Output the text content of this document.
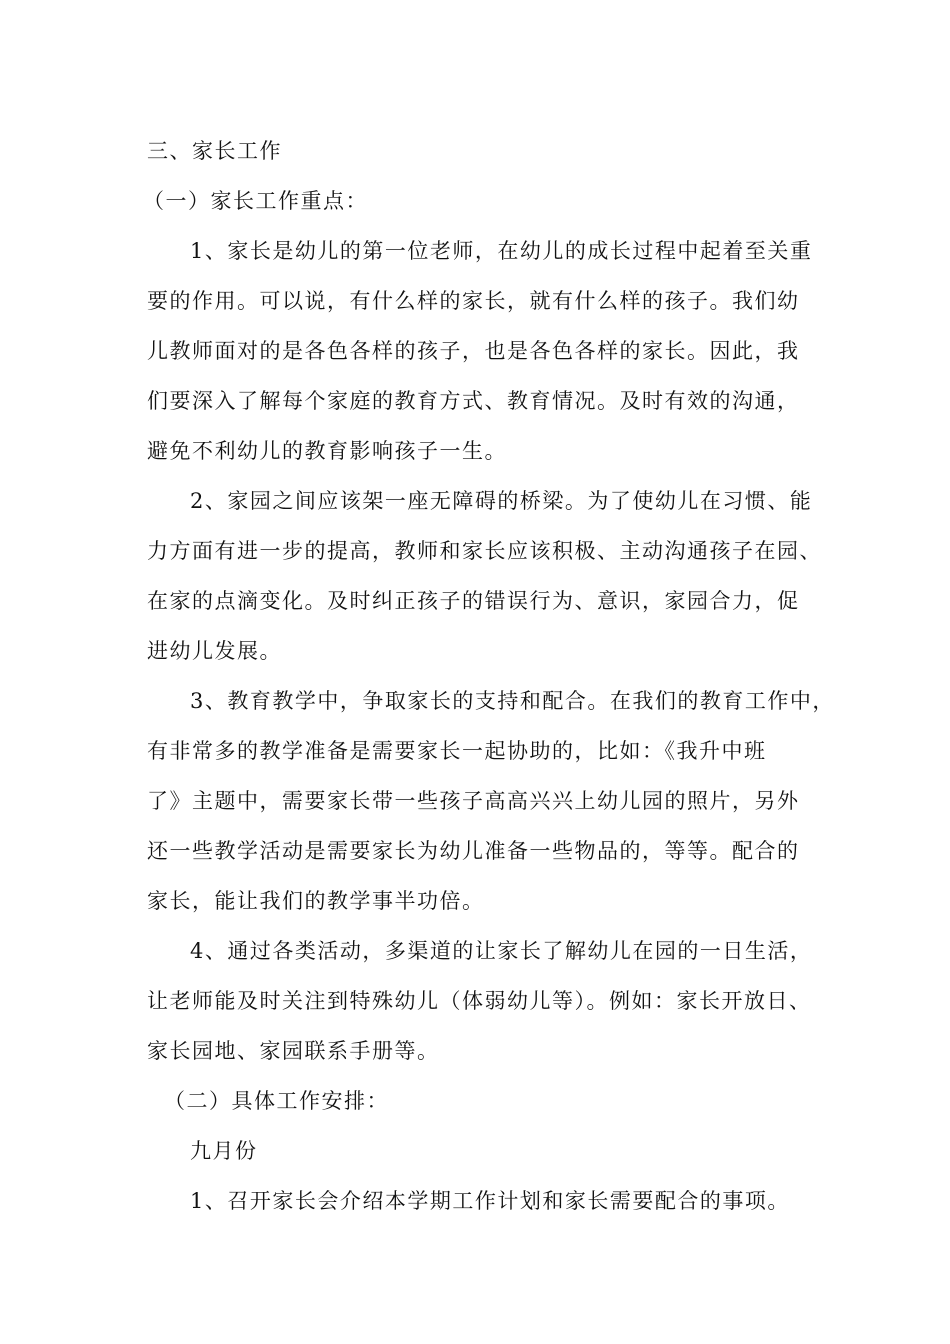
三、家长工作
（一）家长工作重点：
1、家长是幼儿的第一位老师，在幼儿的成长过程中起着至关重
要的作用。可以说，有什么样的家长，就有什么样的孩子。我们幼
儿教师面对的是各色各样的孩子，也是各色各样的家长。因此，我
们要深入了解每个家庭的教育方式、教育情况。及时有效的沟通，
避免不利幼儿的教育影响孩子一生。
2、家园之间应该架一座无障碍的桥梁。为了使幼儿在习惯、能
力方面有进一步的提高，教师和家长应该积极、主动沟通孩子在园、
在家的点滴变化。及时纠正孩子的错误行为、意识，家园合力，促
进幼儿发展。
3、教育教学中，争取家长的支持和配合。在我们的教育工作中，
有非常多的教学准备是需要家长一起协助的，比如：《我升中班
了》主题中，需要家长带一些孩子高高兴兴上幼儿园的照片，另外
还一些教学活动是需要家长为幼儿准备一些物品的，等等。配合的
家长，能让我们的教学事半功倍。
4、通过各类活动，多渠道的让家长了解幼儿在园的一日生活，
让老师能及时关注到特殊幼儿（体弱幼儿等）。例如：家长开放日、
家长园地、家园联系手册等。
（二）具体工作安排：
九月份
1、召开家长会介绍本学期工作计划和家长需要配合的事项。
